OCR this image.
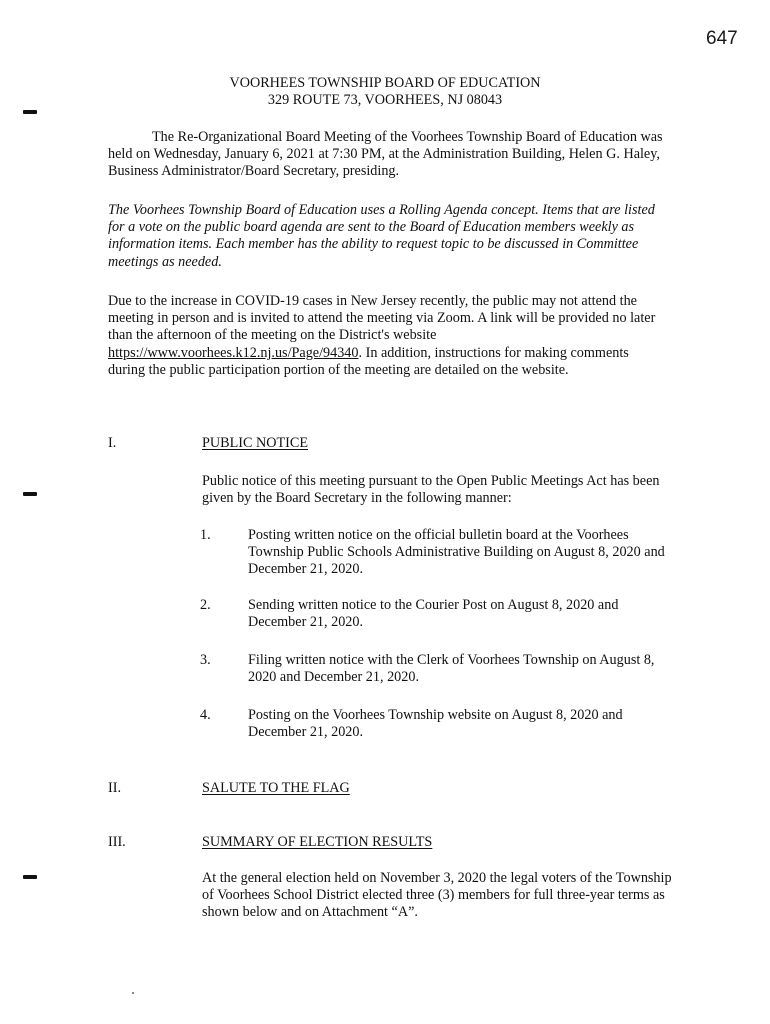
647
VOORHEES TOWNSHIP BOARD OF EDUCATION
329 ROUTE 73, VOORHEES, NJ 08043
The Re-Organizational Board Meeting of the Voorhees Township Board of Education was held on Wednesday, January 6, 2021 at 7:30 PM, at the Administration Building, Helen G. Haley, Business Administrator/Board Secretary, presiding.
The Voorhees Township Board of Education uses a Rolling Agenda concept. Items that are listed for a vote on the public board agenda are sent to the Board of Education members weekly as information items. Each member has the ability to request topic to be discussed in Committee meetings as needed.
Due to the increase in COVID-19 cases in New Jersey recently, the public may not attend the meeting in person and is invited to attend the meeting via Zoom. A link will be provided no later than the afternoon of the meeting on the District's website https://www.voorhees.k12.nj.us/Page/94340. In addition, instructions for making comments during the public participation portion of the meeting are detailed on the website.
I.	PUBLIC NOTICE
Public notice of this meeting pursuant to the Open Public Meetings Act has been given by the Board Secretary in the following manner:
1.	Posting written notice on the official bulletin board at the Voorhees Township Public Schools Administrative Building on August 8, 2020 and December 21, 2020.
2.	Sending written notice to the Courier Post on August 8, 2020 and December 21, 2020.
3.	Filing written notice with the Clerk of Voorhees Township on August 8, 2020 and December 21, 2020.
4.	Posting on the Voorhees Township website on August 8, 2020 and December 21, 2020.
II.	SALUTE TO THE FLAG
III.	SUMMARY OF ELECTION RESULTS
At the general election held on November 3, 2020 the legal voters of the Township of Voorhees School District elected three (3) members for full three-year terms as shown below and on Attachment “A”.
